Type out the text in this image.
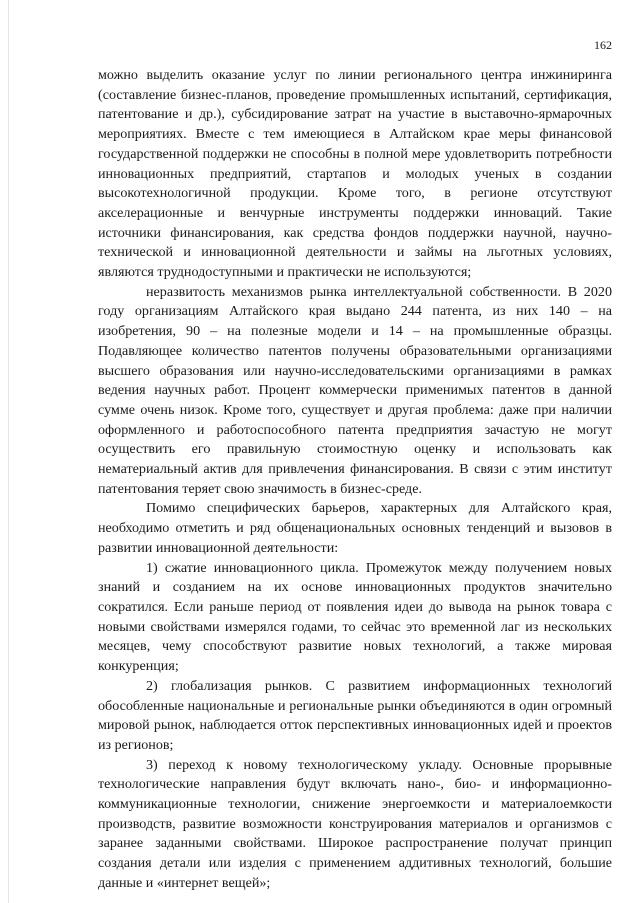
162

можно выделить оказание услуг по линии регионального центра инжиниринга (составление бизнес-планов, проведение промышленных испытаний, сертификация, патентование и др.), субсидирование затрат на участие в выставочно-ярмарочных мероприятиях. Вместе с тем имеющиеся в Алтайском крае меры финансовой государственной поддержки не способны в полной мере удовлетворить потребности инновационных предприятий, стартапов и молодых ученых в создании высокотехнологичной продукции. Кроме того, в регионе отсутствуют акселерационные и венчурные инструменты поддержки инноваций. Такие источники финансирования, как средства фондов поддержки научной, научно-технической и инновационной деятельности и займы на льготных условиях, являются труднодоступными и практически не используются;

неразвитость механизмов рынка интеллектуальной собственности. В 2020 году организациям Алтайского края выдано 244 патента, из них 140 – на изобретения, 90 – на полезные модели и 14 – на промышленные образцы. Подавляющее количество патентов получены образовательными организациями высшего образования или научно-исследовательскими организациями в рамках ведения научных работ. Процент коммерчески применимых патентов в данной сумме очень низок. Кроме того, существует и другая проблема: даже при наличии оформленного и работоспособного патента предприятия зачастую не могут осуществить его правильную стоимостную оценку и использовать как нематериальный актив для привлечения финансирования. В связи с этим институт патентования теряет свою значимость в бизнес-среде.

Помимо специфических барьеров, характерных для Алтайского края, необходимо отметить и ряд общенациональных основных тенденций и вызовов в развитии инновационной деятельности:

1) сжатие инновационного цикла. Промежуток между получением новых знаний и созданием на их основе инновационных продуктов значительно сократился. Если раньше период от появления идеи до вывода на рынок товара с новыми свойствами измерялся годами, то сейчас это временной лаг из нескольких месяцев, чему способствуют развитие новых технологий, а также мировая конкуренция;

2) глобализация рынков. С развитием информационных технологий обособленные национальные и региональные рынки объединяются в один огромный мировой рынок, наблюдается отток перспективных инновационных идей и проектов из регионов;

3) переход к новому технологическому укладу. Основные прорывные технологические направления будут включать нано-, био- и информационно-коммуникационные технологии, снижение энергоемкости и материалоемкости производств, развитие возможности конструирования материалов и организмов с заранее заданными свойствами. Широкое распространение получат принцип создания детали или изделия с применением аддитивных технологий, большие данные и «интернет вещей»;
